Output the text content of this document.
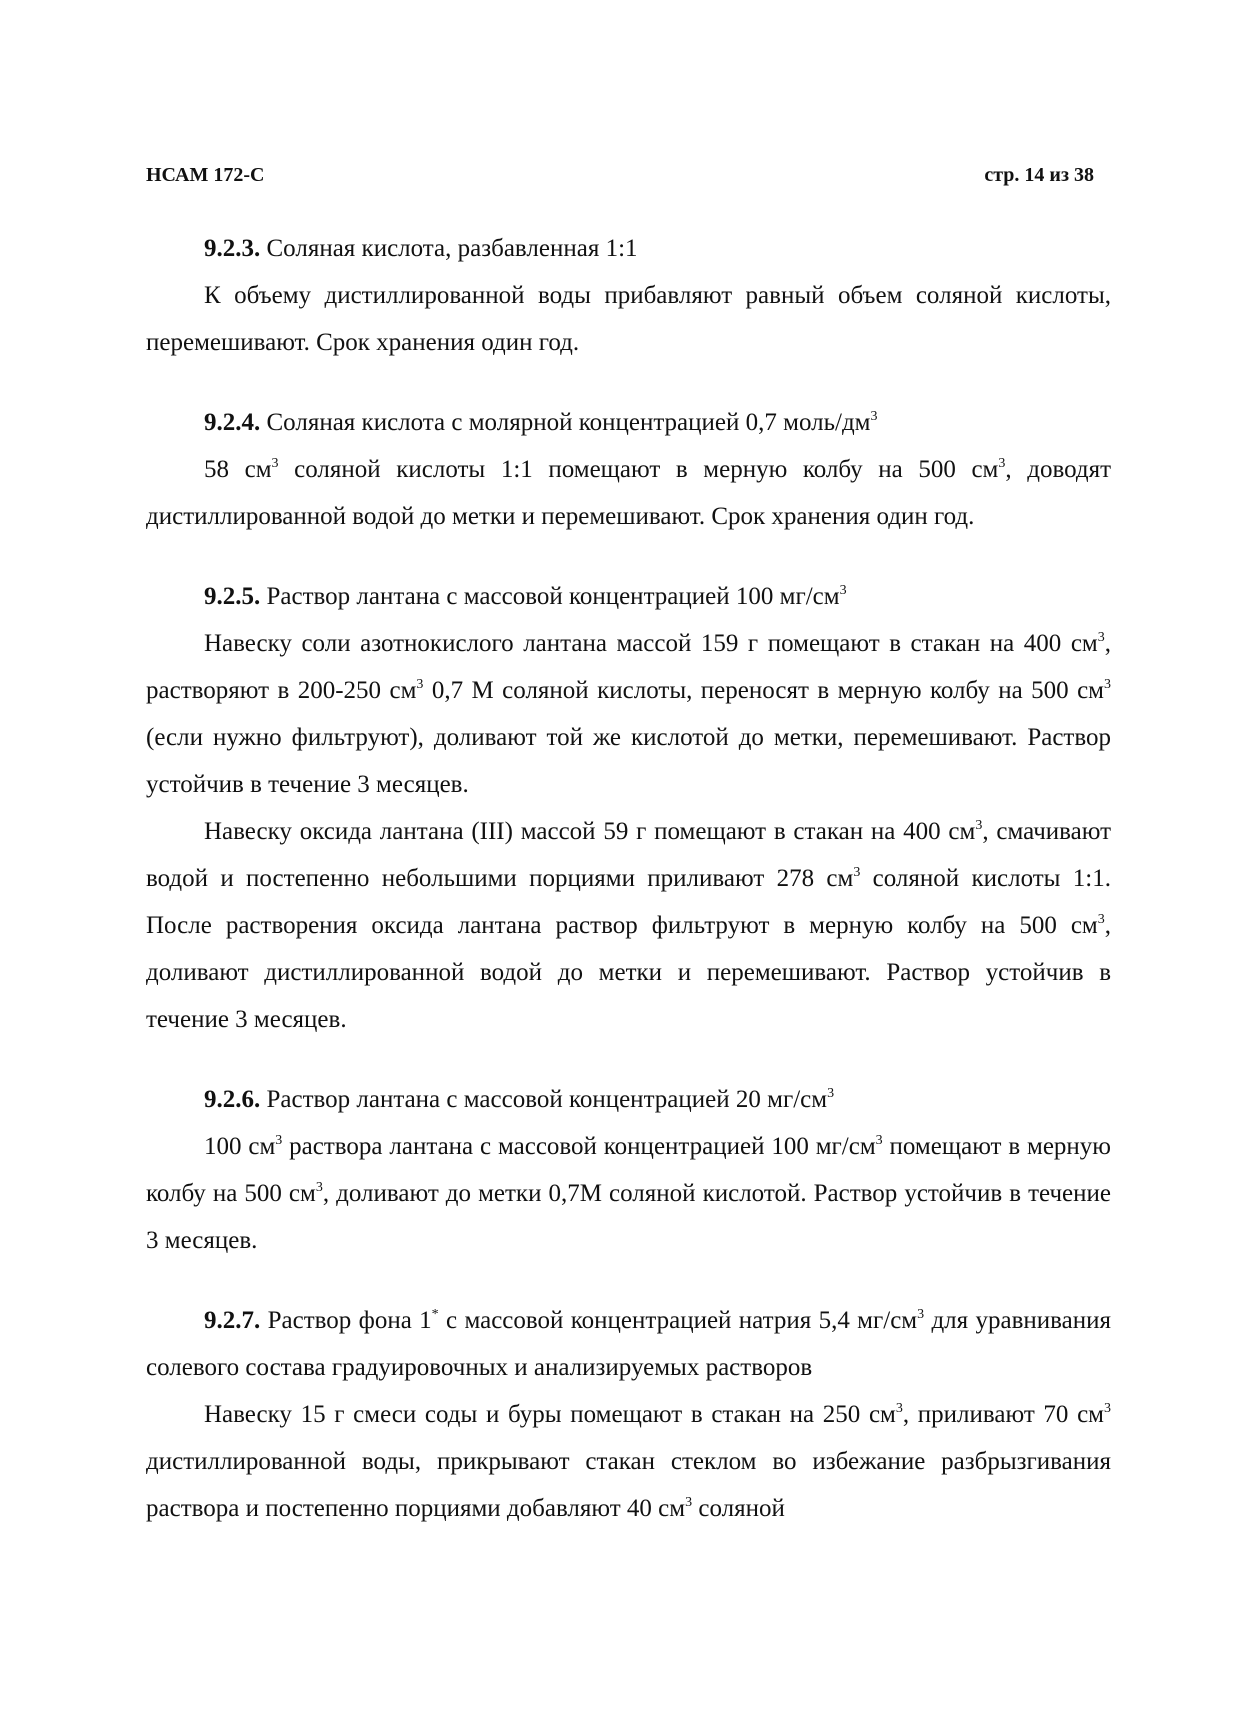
НСАМ 172-С	стр. 14 из 38

9.2.3. Соляная кислота, разбавленная 1:1

К объему дистиллированной воды прибавляют равный объем соляной кислоты, перемешивают. Срок хранения один год.

9.2.4. Соляная кислота с молярной концентрацией 0,7 моль/$дм^3$

58 $см^3$ соляной кислоты 1:1 помещают в мерную колбу на 500 $см^3$, доводят дистиллированной водой до метки и перемешивают. Срок хранения один год.

9.2.5. Раствор лантана с массовой концентрацией 100 $мг/см^3$

Навеску соли азотнокислого лантана массой 159 г помещают в стакан на 400 $см^3$, растворяют в 200-250 $см^3$ 0,7 М соляной кислоты, переносят в мерную колбу на 500 $см^3$ (если нужно фильтруют), доливают той же кислотой до метки, перемешивают. Раствор устойчив в течение 3 месяцев.

Навеску оксида лантана (III) массой 59 г помещают в стакан на 400 $см^3$, смачивают водой и постепенно небольшими порциями приливают 278 $см^3$ соляной кислоты 1:1. После растворения оксида лантана раствор фильтруют в мерную колбу на 500 $см^3$, доливают дистиллированной водой до метки и перемешивают. Раствор устойчив в течение 3 месяцев.

9.2.6. Раствор лантана с массовой концентрацией 20 $мг/см^3$

100 $см^3$ раствора лантана с массовой концентрацией 100 $мг/см^3$ помещают в мерную колбу на 500 $см^3$, доливают до метки 0,7М соляной кислотой. Раствор устойчив в течение 3 месяцев.

9.2.7. Раствор фона 1* с массовой концентрацией натрия 5,4 $мг/см^3$ для уравнивания солевого состава градуировочных и анализируемых растворов

Навеску 15 г смеси соды и буры помещают в стакан на 250 $см^3$, приливают 70 $см^3$ дистиллированной воды, прикрывают стакан стеклом во избежание разбрызгивания раствора и постепенно порциями добавляют 40 $см^3$ соляной
